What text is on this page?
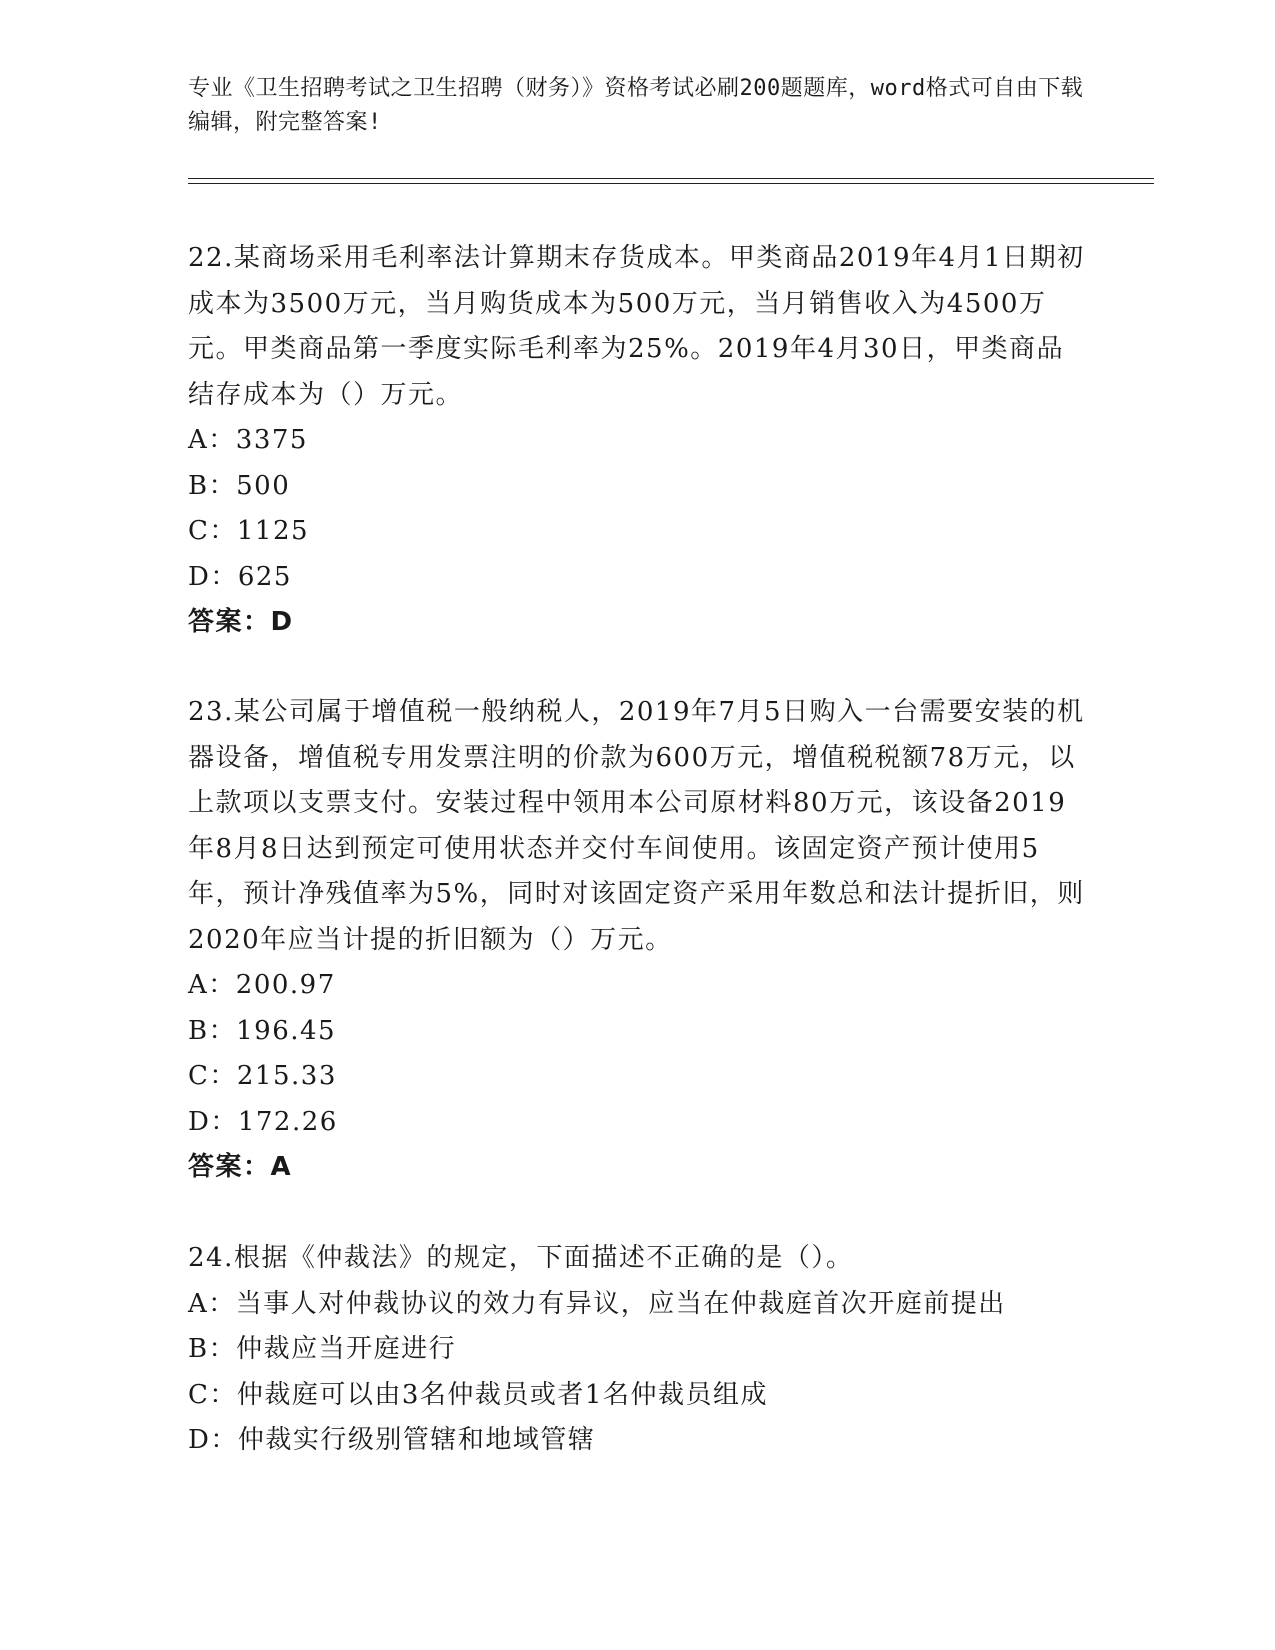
专业《卫生招聘考试之卫生招聘（财务）》资格考试必刷200题题库，word格式可自由下载编辑，附完整答案!

22.某商场采用毛利率法计算期末存货成本。甲类商品2019年4月1日期初成本为3500万元，当月购货成本为500万元，当月销售收入为4500万元。甲类商品第一季度实际毛利率为25%。2019年4月30日，甲类商品结存成本为（）万元。

A：3375

B：500

C：1125

D：625

答案：D

23.某公司属于增值税一般纳税人，2019年7月5日购入一台需要安装的机器设备，增值税专用发票注明的价款为600万元，增值税税额78万元，以上款项以支票支付。安装过程中领用本公司原材料80万元，该设备2019年8月8日达到预定可使用状态并交付车间使用。该固定资产预计使用5年，预计净残值率为5%，同时对该固定资产采用年数总和法计提折旧，则2020年应当计提的折旧额为（）万元。

A：200.97

B：196.45

C：215.33

D：172.26

答案：A

24.根据《仲裁法》的规定，下面描述不正确的是（）。

A：当事人对仲裁协议的效力有异议，应当在仲裁庭首次开庭前提出

B：仲裁应当开庭进行

C：仲裁庭可以由3名仲裁员或者1名仲裁员组成

D：仲裁实行级别管辖和地域管辖
